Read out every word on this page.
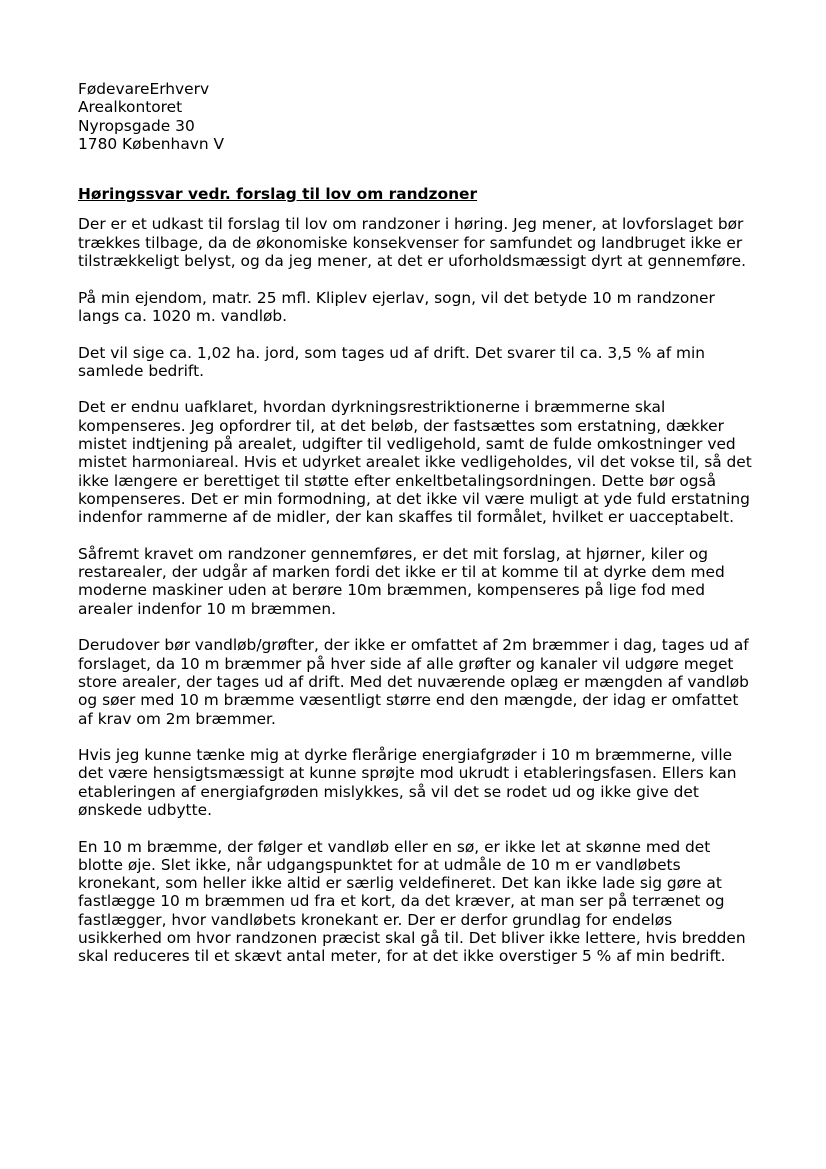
FødevareErhverv

Arealkontoret

Nyropsgade 30

1780 København V

Høringssvar vedr. forslag til lov om randzoner

Der er et udkast til forslag til lov om randzoner i høring. Jeg mener, at lovforslaget bør trækkes tilbage, da de økonomiske konsekvenser for samfundet og landbruget ikke er tilstrækkeligt belyst, og da jeg mener, at det er uforholdsmæssigt dyrt at gennemføre.

På min ejendom, matr. 25 mfl. Kliplev ejerlav, sogn, vil det betyde 10 m randzoner langs ca. 1020 m. vandløb.

Det vil sige ca. 1,02 ha. jord, som tages ud af drift. Det svarer til ca. 3,5 % af min samlede bedrift.

Det er endnu uafklaret, hvordan dyrkningsrestriktionerne i bræmmerne skal kompenseres. Jeg opfordrer til, at det beløb, der fastsættes som erstatning, dækker mistet indtjening på arealet, udgifter til vedligehold, samt de fulde omkostninger ved mistet harmoniareal. Hvis et udyrket arealet ikke vedligeholdes, vil det vokse til, så det ikke længere er berettiget til støtte efter enkeltbetalingsordningen. Dette bør også kompenseres. Det er min formodning, at det ikke vil være muligt at yde fuld erstatning indenfor rammerne af de midler, der kan skaffes til formålet, hvilket er uacceptabelt.

Såfremt kravet om randzoner gennemføres, er det mit forslag, at hjørner, kiler og restarealer, der udgår af marken fordi det ikke er til at komme til at dyrke dem med moderne maskiner uden at berøre 10m bræmmen, kompenseres på lige fod med arealer indenfor 10 m bræmmen.

Derudover bør vandløb/grøfter, der ikke er omfattet af 2m bræmmer i dag, tages ud af forslaget, da 10 m bræmmer på hver side af alle grøfter og kanaler vil udgøre meget store arealer, der tages ud af drift. Med det nuværende oplæg er mængden af vandløb og søer med 10 m bræmme væsentligt større end den mængde, der idag er omfattet af krav om 2m bræmmer.

Hvis jeg kunne tænke mig at dyrke flerårige energiafgrøder i 10 m bræmmerne, ville det være hensigtsmæssigt at kunne sprøjte mod ukrudt i etableringsfasen. Ellers kan etableringen af energiafgrøden mislykkes, så vil det se rodet ud og ikke give det ønskede udbytte.

En 10 m bræmme, der følger et vandløb eller en sø, er ikke let at skønne med det blotte øje. Slet ikke, når udgangspunktet for at udmåle de 10 m er vandløbets kronekant, som heller ikke altid er særlig veldefineret. Det kan ikke lade sig gøre at fastlægge 10 m bræmmen ud fra et kort, da det kræver, at man ser på terrænet og fastlægger, hvor vandløbets kronekant er. Der er derfor grundlag for endeløs usikkerhed om hvor randzonen præcist skal gå til. Det bliver ikke lettere, hvis bredden skal reduceres til et skævt antal meter, for at det ikke overstiger 5 % af min bedrift.
